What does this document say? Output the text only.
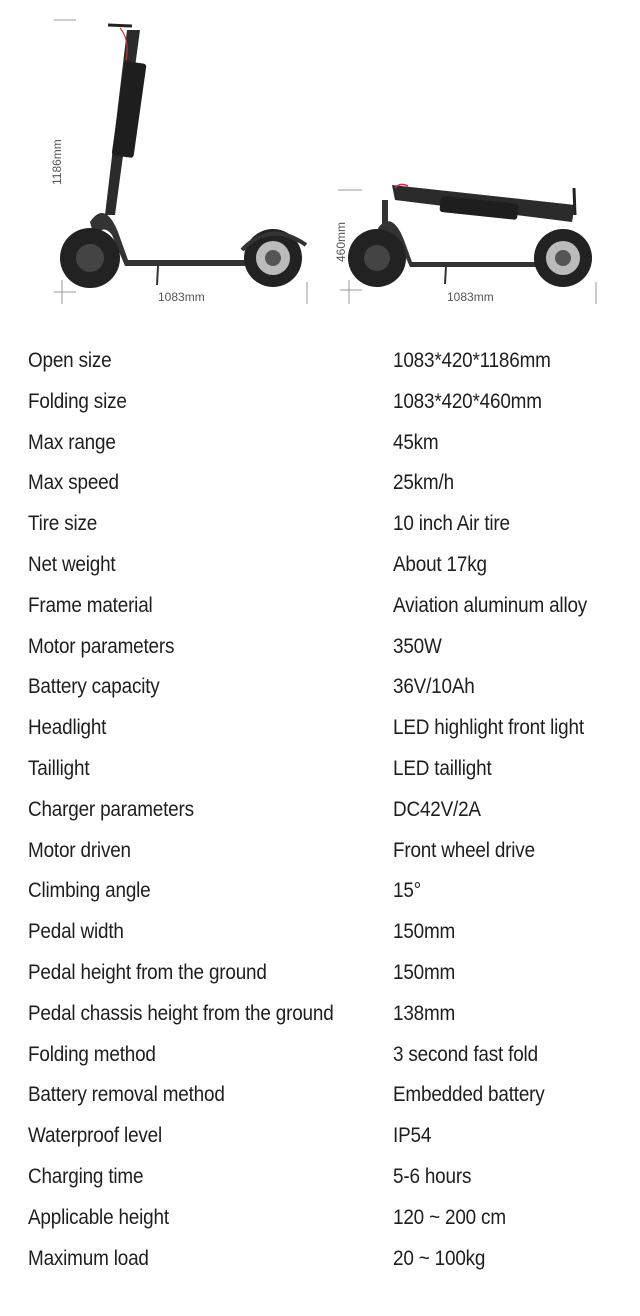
1186mm
1083mm
460mm
1083mm
Open size	1083*420*1186mm
Folding size	1083*420*460mm
Max range	45km
Max speed	25km/h
Tire size	10 inch Air tire
Net weight	About 17kg
Frame material	Aviation aluminum alloy
Motor parameters	350W
Battery capacity	36V/10Ah
Headlight	LED highlight front light
Taillight	LED taillight
Charger parameters	DC42V/2A
Motor driven	Front wheel drive
Climbing angle	15°
Pedal width	150mm
Pedal height from the ground	150mm
Pedal chassis height from the ground	138mm
Folding method	3 second fast fold
Battery removal method	Embedded battery
Waterproof level	IP54
Charging time	5-6 hours
Applicable height	120 ~ 200 cm
Maximum load	20 ~ 100kg
